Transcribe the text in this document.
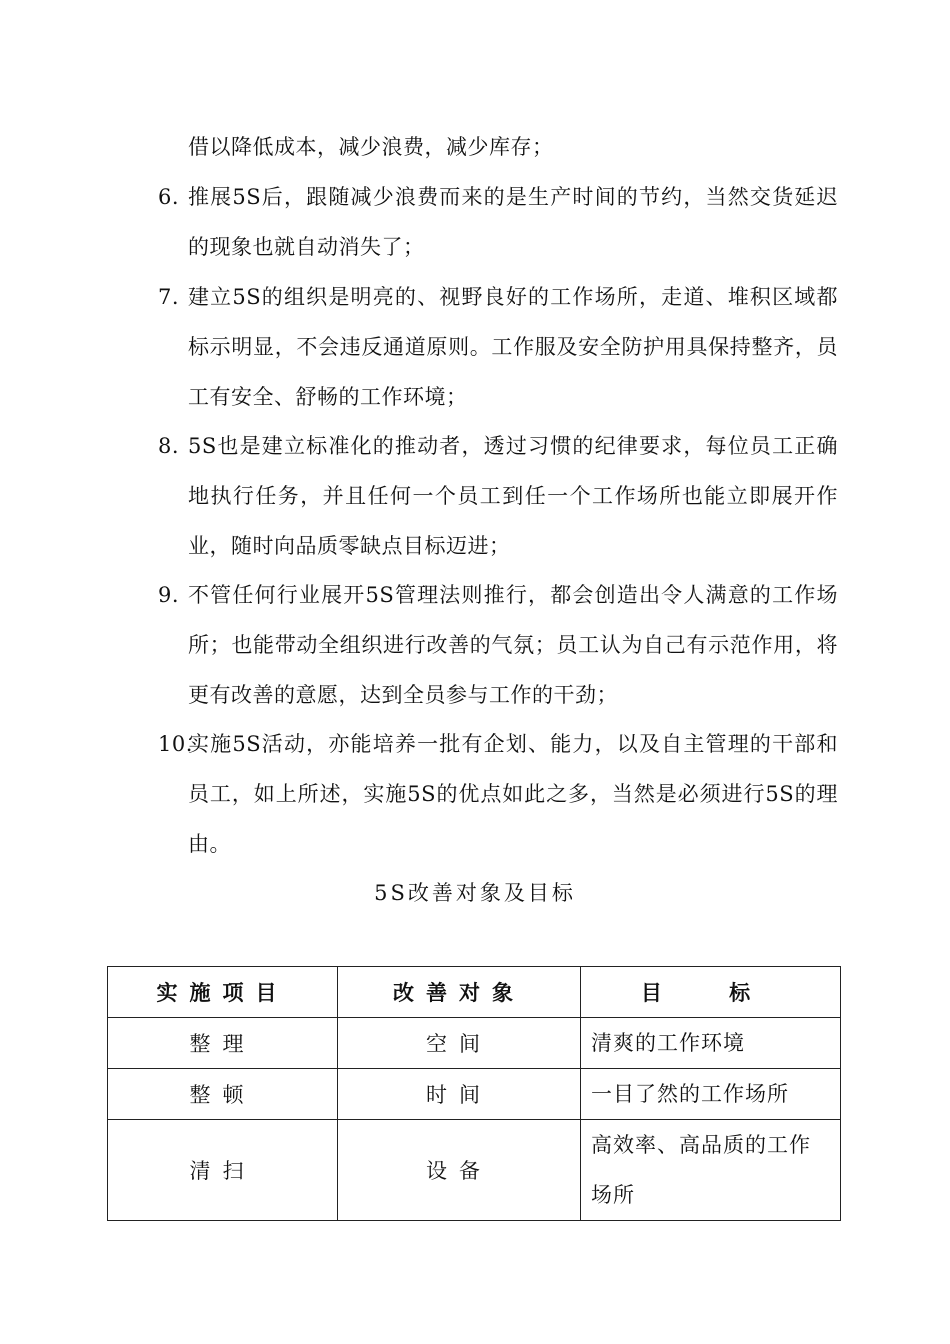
借以降低成本，减少浪费，减少库存；
6. 推展5S后，跟随减少浪费而来的是生产时间的节约，当然交货延迟的现象也就自动消失了；
7. 建立5S的组织是明亮的、视野良好的工作场所，走道、堆积区域都标示明显，不会违反通道原则。工作服及安全防护用具保持整齐，员工有安全、舒畅的工作环境；
8. 5S也是建立标准化的推动者，透过习惯的纪律要求，每位员工正确地执行任务，并且任何一个员工到任一个工作场所也能立即展开作业，随时向品质零缺点目标迈进；
9. 不管任何行业展开5S管理法则推行，都会创造出令人满意的工作场所；也能带动全组织进行改善的气氛；员工认为自己有示范作用，将更有改善的意愿，达到全员参与工作的干劲；
10.
实施5S活动，亦能培养一批有企划、能力，以及自主管理的干部和员工，如上所述，实施5S的优点如此之多，当然是必须进行5S的理由。
5S改善对象及目标
实施项目	改善对象	目 标
整理	空间	清爽的工作环境
整顿	时间	一目了然的工作场所
清扫	设备	高效率、高品质的工作场所
